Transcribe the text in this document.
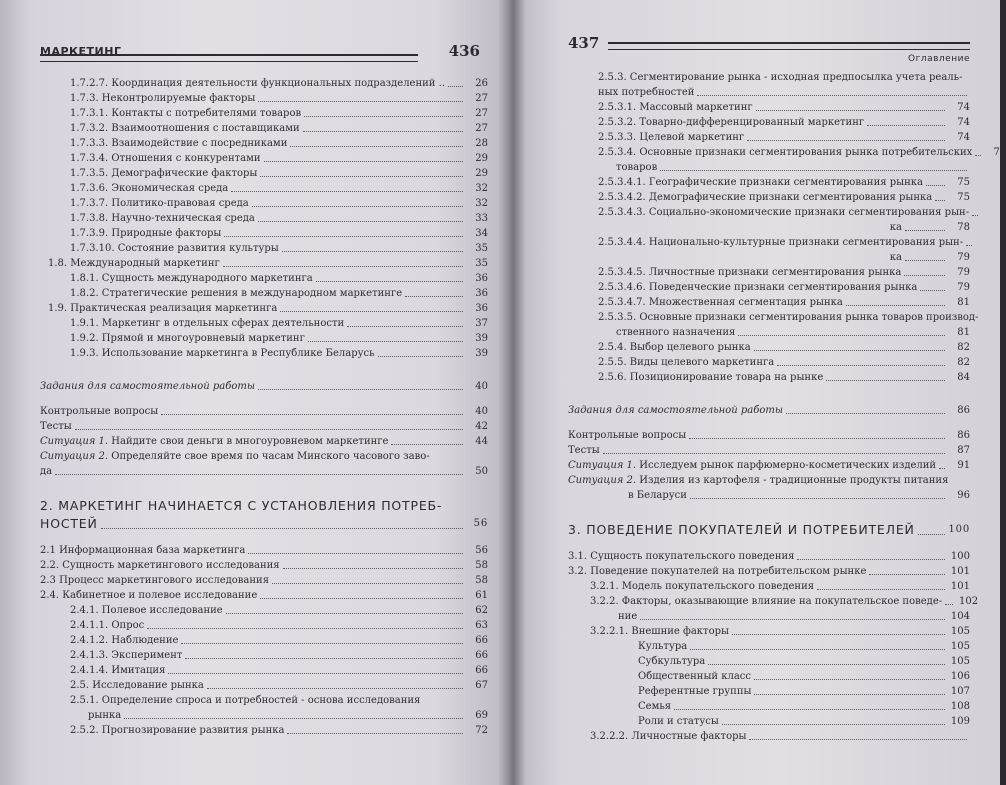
МАРКЕТИНГ	436
1.7.2.7. Координация деятельности функциональных подразделений ..	26
1.7.3. Неконтролируемые факторы	27
1.7.3.1. Контакты с потребителями товаров	27
1.7.3.2. Взаимоотношения с поставщиками	27
1.7.3.3. Взаимодействие с посредниками	28
1.7.3.4. Отношения с конкурентами	29
1.7.3.5. Демографические факторы	29
1.7.3.6. Экономическая среда	32
1.7.3.7. Политико-правовая среда	32
1.7.3.8. Научно-техническая среда	33
1.7.3.9. Природные факторы	34
1.7.3.10. Состояние развития культуры	35
1.8. Международный маркетинг	35
1.8.1. Сущность международного маркетинга	36
1.8.2. Стратегические решения в международном маркетинге	36
1.9. Практическая реализация маркетинга	36
1.9.1. Маркетинг в отдельных сферах деятельности	37
1.9.2. Прямой и многоуровневый маркетинг	39
1.9.3. Использование маркетинга в Республике Беларусь	39
Задания для самостоятельной работы	40
Контрольные вопросы	40
Тесты	42
Ситуация 1. Найдите свои деньги в многоуровневом маркетинге	44
Ситуация 2. Определяйте свое время по часам Минского часового заво-
да	50
2. МАРКЕТИНГ НАЧИНАЕТСЯ С УСТАНОВЛЕНИЯ ПОТРЕБ-
НОСТЕЙ	56
2.1 Информационная база маркетинга	56
2.2. Сущность маркетингового исследования	58
2.3 Процесс маркетингового исследования	58
2.4. Кабинетное и полевое исследование	61
2.4.1. Полевое исследование	62
2.4.1.1. Опрос	63
2.4.1.2. Наблюдение	66
2.4.1.3. Эксперимент	66
2.4.1.4. Имитация	66
2.5. Исследование рынка	67
2.5.1. Определение спроса и потребностей - основа исследования
рынка	69
2.5.2. Прогнозирование развития рынка	72
437
Оглавление
2.5.3. Сегментирование рынка - исходная предпосылка учета реаль-
ных потребностей
2.5.3.1. Массовый маркетинг	74
2.5.3.2. Товарно-дифференцированный маркетинг	74
2.5.3.3. Целевой маркетинг	74
2.5.3.4. Основные признаки сегментирования рынка потребительских	74
товаров
2.5.3.4.1. Географические признаки сегментирования рынка	75
2.5.3.4.2. Демографические признаки сегментирования рынка	75
2.5.3.4.3. Социально-экономические признаки сегментирования рын-
ка	78
2.5.3.4.4. Национально-культурные признаки сегментирования рын-
ка	79
2.5.3.4.5. Личностные признаки сегментирования рынка	79
2.5.3.4.6. Поведенческие признаки сегментирования рынка	79
2.5.3.4.7. Множественная сегментация рынка	81
2.5.3.5. Основные признаки сегментирования рынка товаров производ-
ственного назначения	81
2.5.4. Выбор целевого рынка	82
2.5.5. Виды целевого маркетинга	82
2.5.6. Позиционирование товара на рынке	84
Задания для самостоятельной работы	86
Контрольные вопросы	86
Тесты	87
Ситуация 1. Исследуем рынок парфюмерно-косметических изделий	91
Ситуация 2. Изделия из картофеля - традиционные продукты питания
в Беларуси	96
3. ПОВЕДЕНИЕ ПОКУПАТЕЛЕЙ И ПОТРЕБИТЕЛЕЙ	100
3.1. Сущность покупательского поведения	100
3.2. Поведение покупателей на потребительском рынке	101
3.2.1. Модель покупательского поведения	101
3.2.2. Факторы, оказывающие влияние на покупательское поведе- 102
ние	104
3.2.2.1. Внешние факторы	105
Культура	105
Субкультура	105
Общественный класс	106
Референтные группы	107
Семья	108
Роли и статусы	109
3.2.2.2. Личностные факторы
